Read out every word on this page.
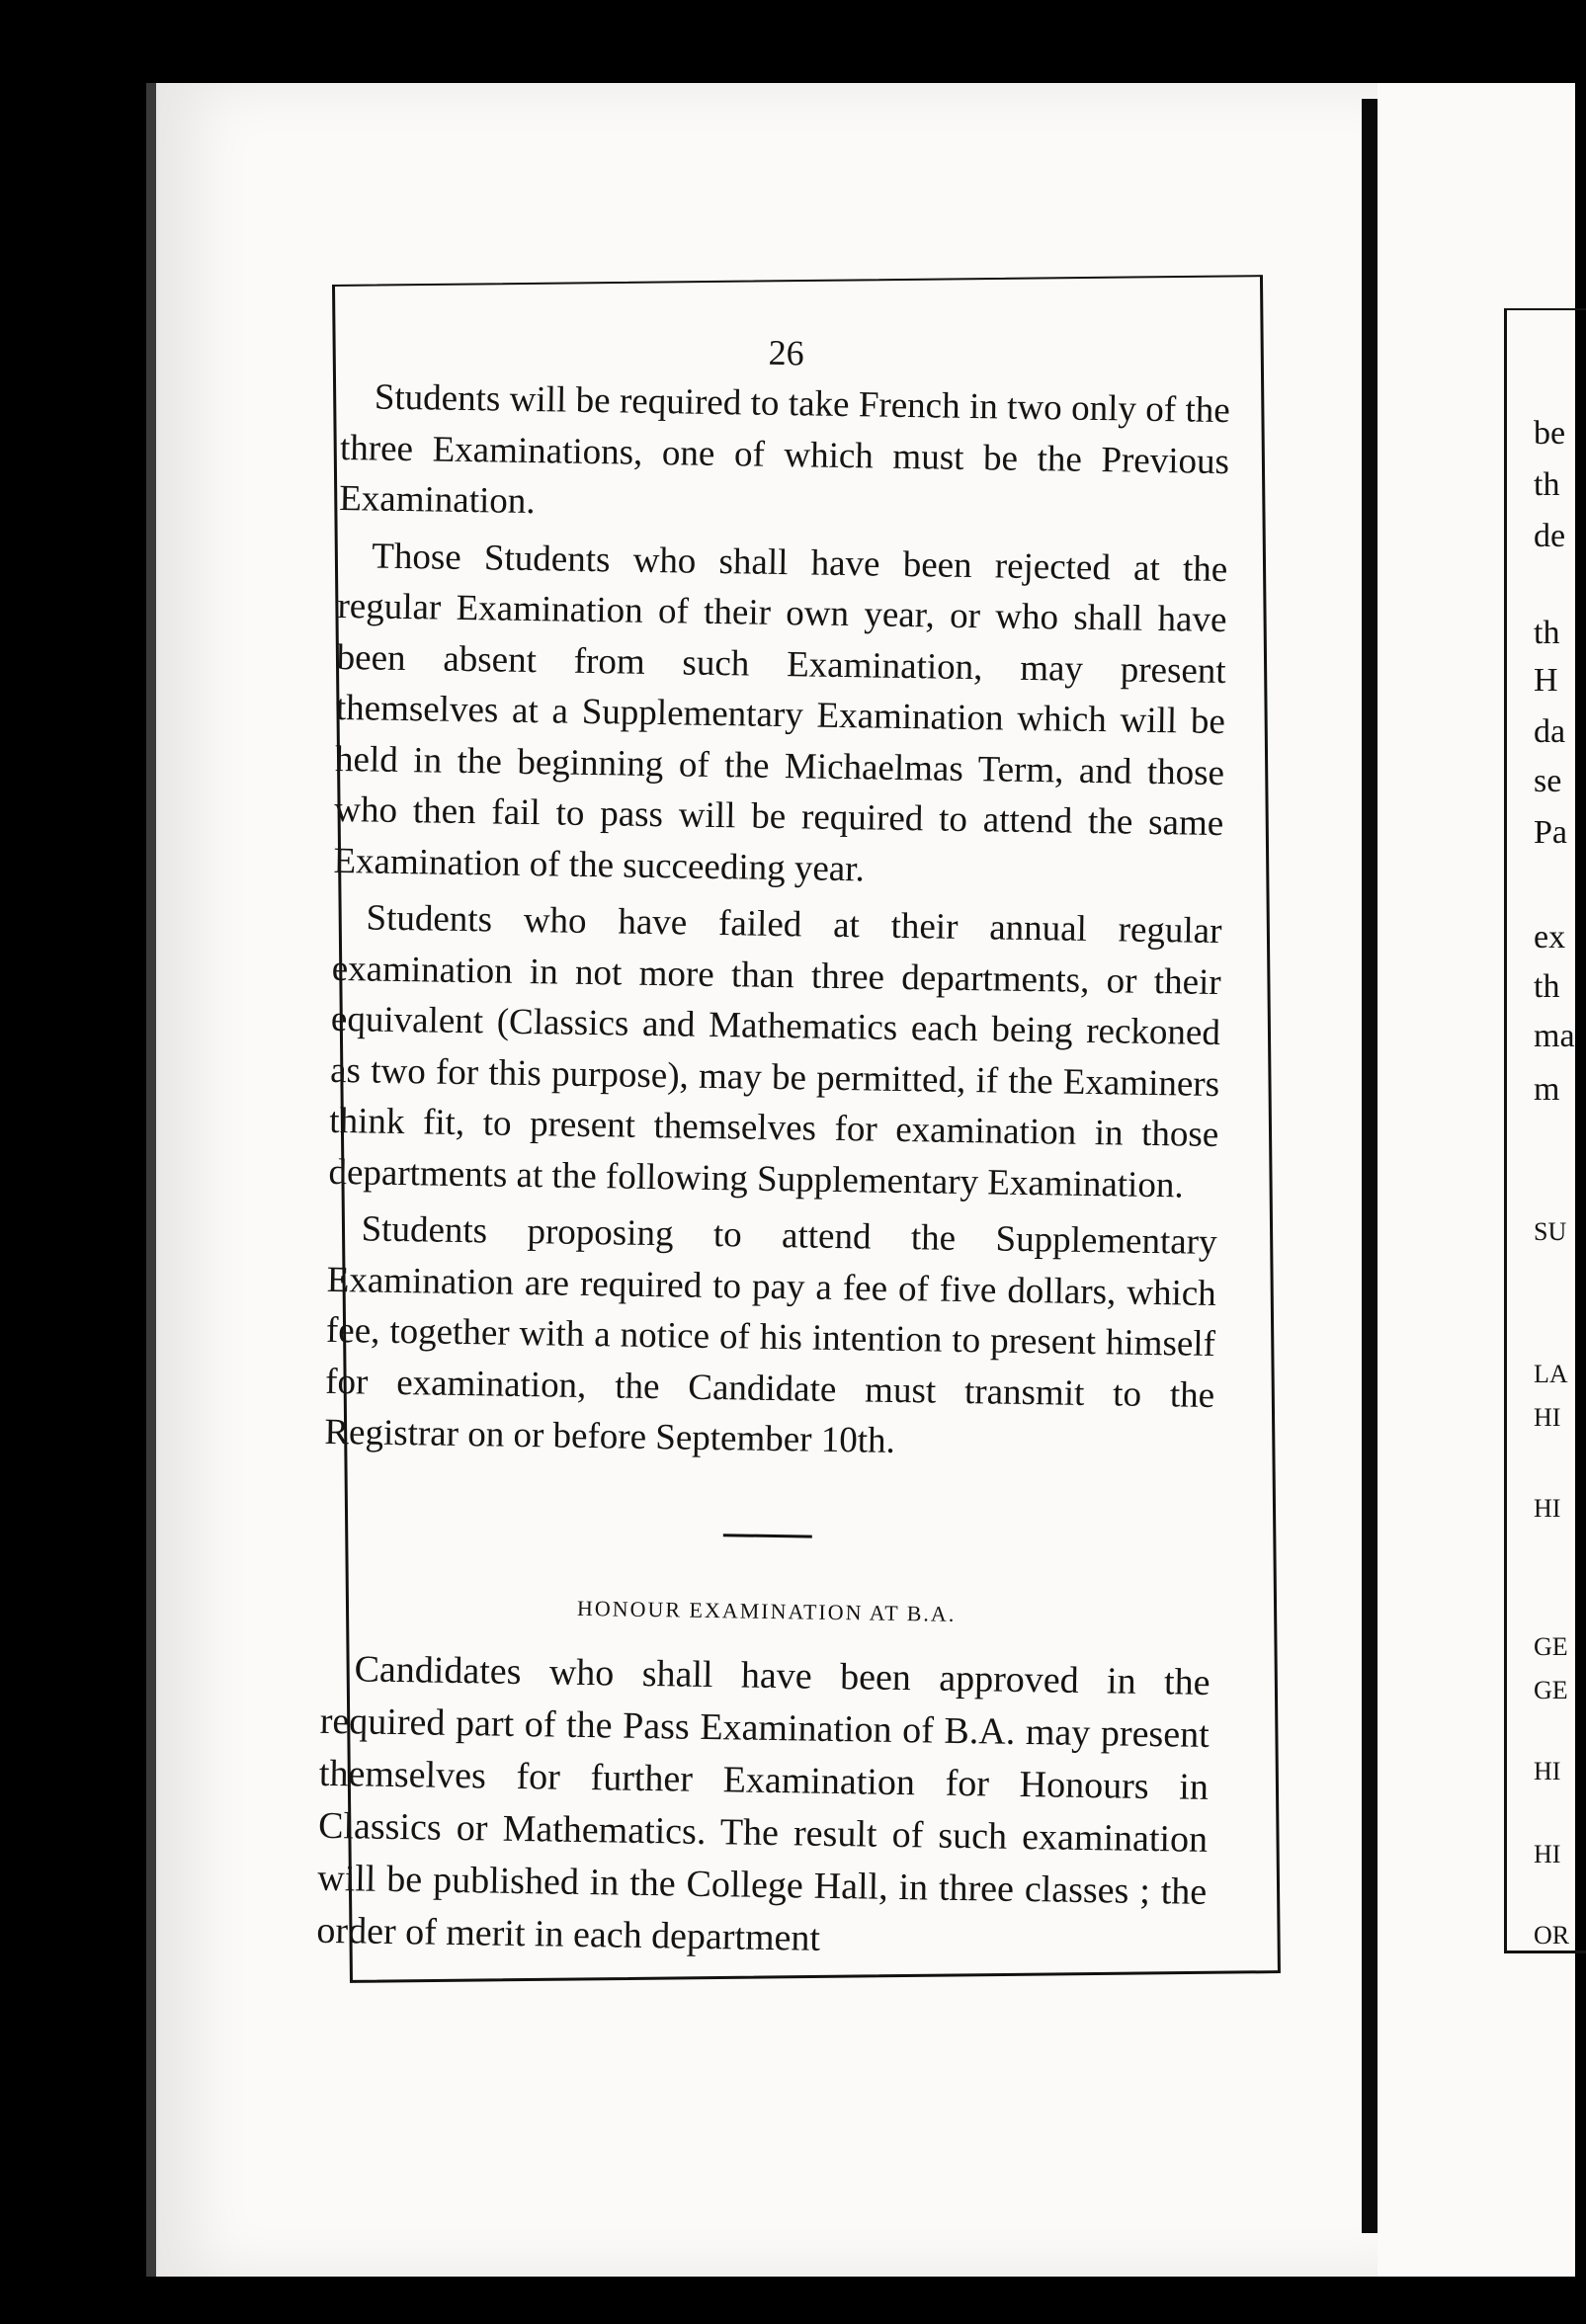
26

Students will be required to take French in two only of the three Examinations, one of which must be the Previous Examination.

Those Students who shall have been rejected at the regular Examination of their own year, or who shall have been absent from such Examination, may present themselves at a Supplementary Examination which will be held in the beginning of the Michaelmas Term, and those who then fail to pass will be required to attend the same Examination of the succeeding year.

Students who have failed at their annual regular examination in not more than three departments, or their equivalent (Classics and Mathematics each being reckoned as two for this purpose), may be permitted, if the Examiners think fit, to present themselves for examination in those departments at the following Supplementary Examination.

Students proposing to attend the Supplementary Examination are required to pay a fee of five dollars, which fee, together with a notice of his intention to present himself for examination, the Candidate must transmit to the Registrar on or before September 10th.

HONOUR EXAMINATION AT B.A.

Candidates who shall have been approved in the required part of the Pass Examination of B.A. may present themselves for further Examination for Honours in Classics or Mathematics. The result of such examination will be published in the College Hall, in three classes ; the order of merit in each department

be
th
de
th
H
da
se
Pa
ex
th
ma
m
SU
LA
HI
HI
GE
GE
HI
HI
OR
